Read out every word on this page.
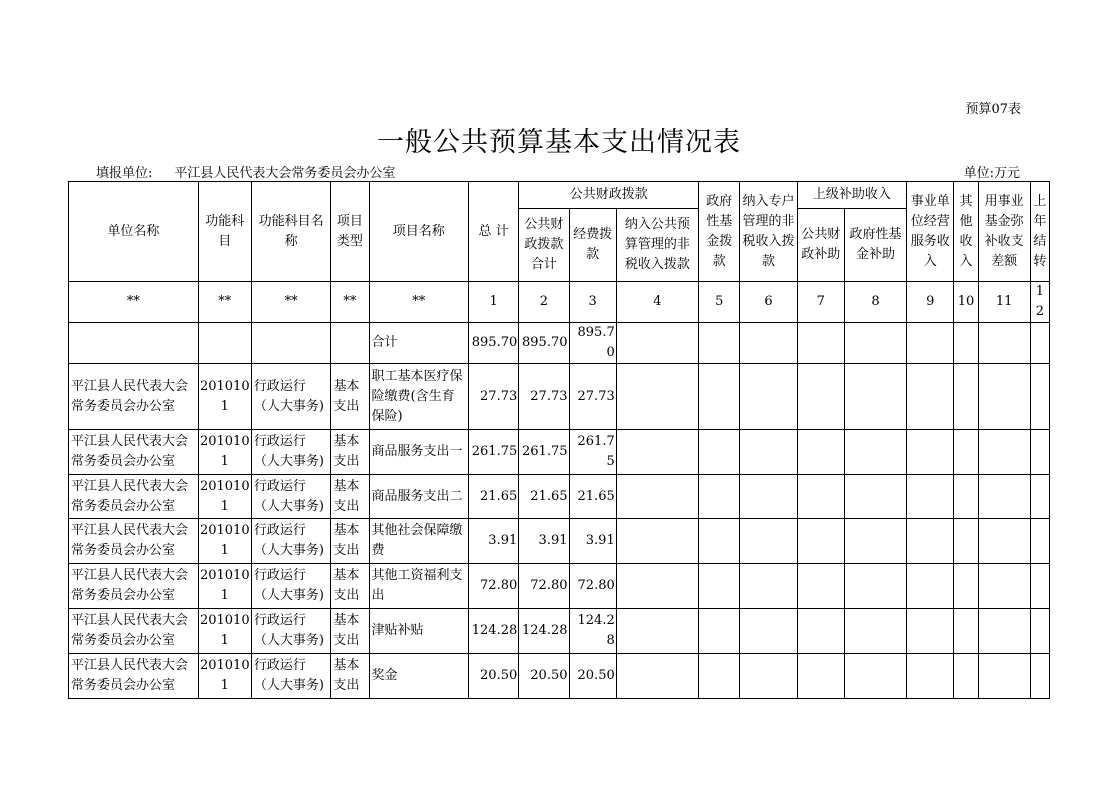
预算07表
一般公共预算基本支出情况表
填报单位: 平江县人民代表大会常务委员会办公室	单位:万元
单位名称	功能科目	功能科目名称	项目类型	项目名称	总 计	公共财政拨款			政府性基金拨款	纳入专户管理的非税收入拨款	上级补助收入		事业单位经营服务收入	其他收入	用事业基金弥补收支差额	上年结转
						公共财政拨款合计	经费拨款	纳入公共预算管理的非税收入拨款			公共财政补助	政府性基金补助				
**	**	**	**	**	1	2	3	4	5	6	7	8	9	10	11	12
				合计	895.70	895.70	895.70									
平江县人民代表大会常务委员会办公室	2010101	行政运行（人大事务)	基本支出	职工基本医疗保险缴费(含生育保险)	27.73	27.73	27.73									
平江县人民代表大会常务委员会办公室	2010101	行政运行（人大事务)	基本支出	商品服务支出一	261.75	261.75	261.75									
平江县人民代表大会常务委员会办公室	2010101	行政运行（人大事务)	基本支出	商品服务支出二	21.65	21.65	21.65									
平江县人民代表大会常务委员会办公室	2010101	行政运行（人大事务)	基本支出	其他社会保障缴费	3.91	3.91	3.91									
平江县人民代表大会常务委员会办公室	2010101	行政运行（人大事务)	基本支出	其他工资福利支出	72.80	72.80	72.80									
平江县人民代表大会常务委员会办公室	2010101	行政运行（人大事务)	基本支出	津贴补贴	124.28	124.28	124.28									
平江县人民代表大会常务委员会办公室	2010101	行政运行（人大事务)	基本支出	奖金	20.50	20.50	20.50									
